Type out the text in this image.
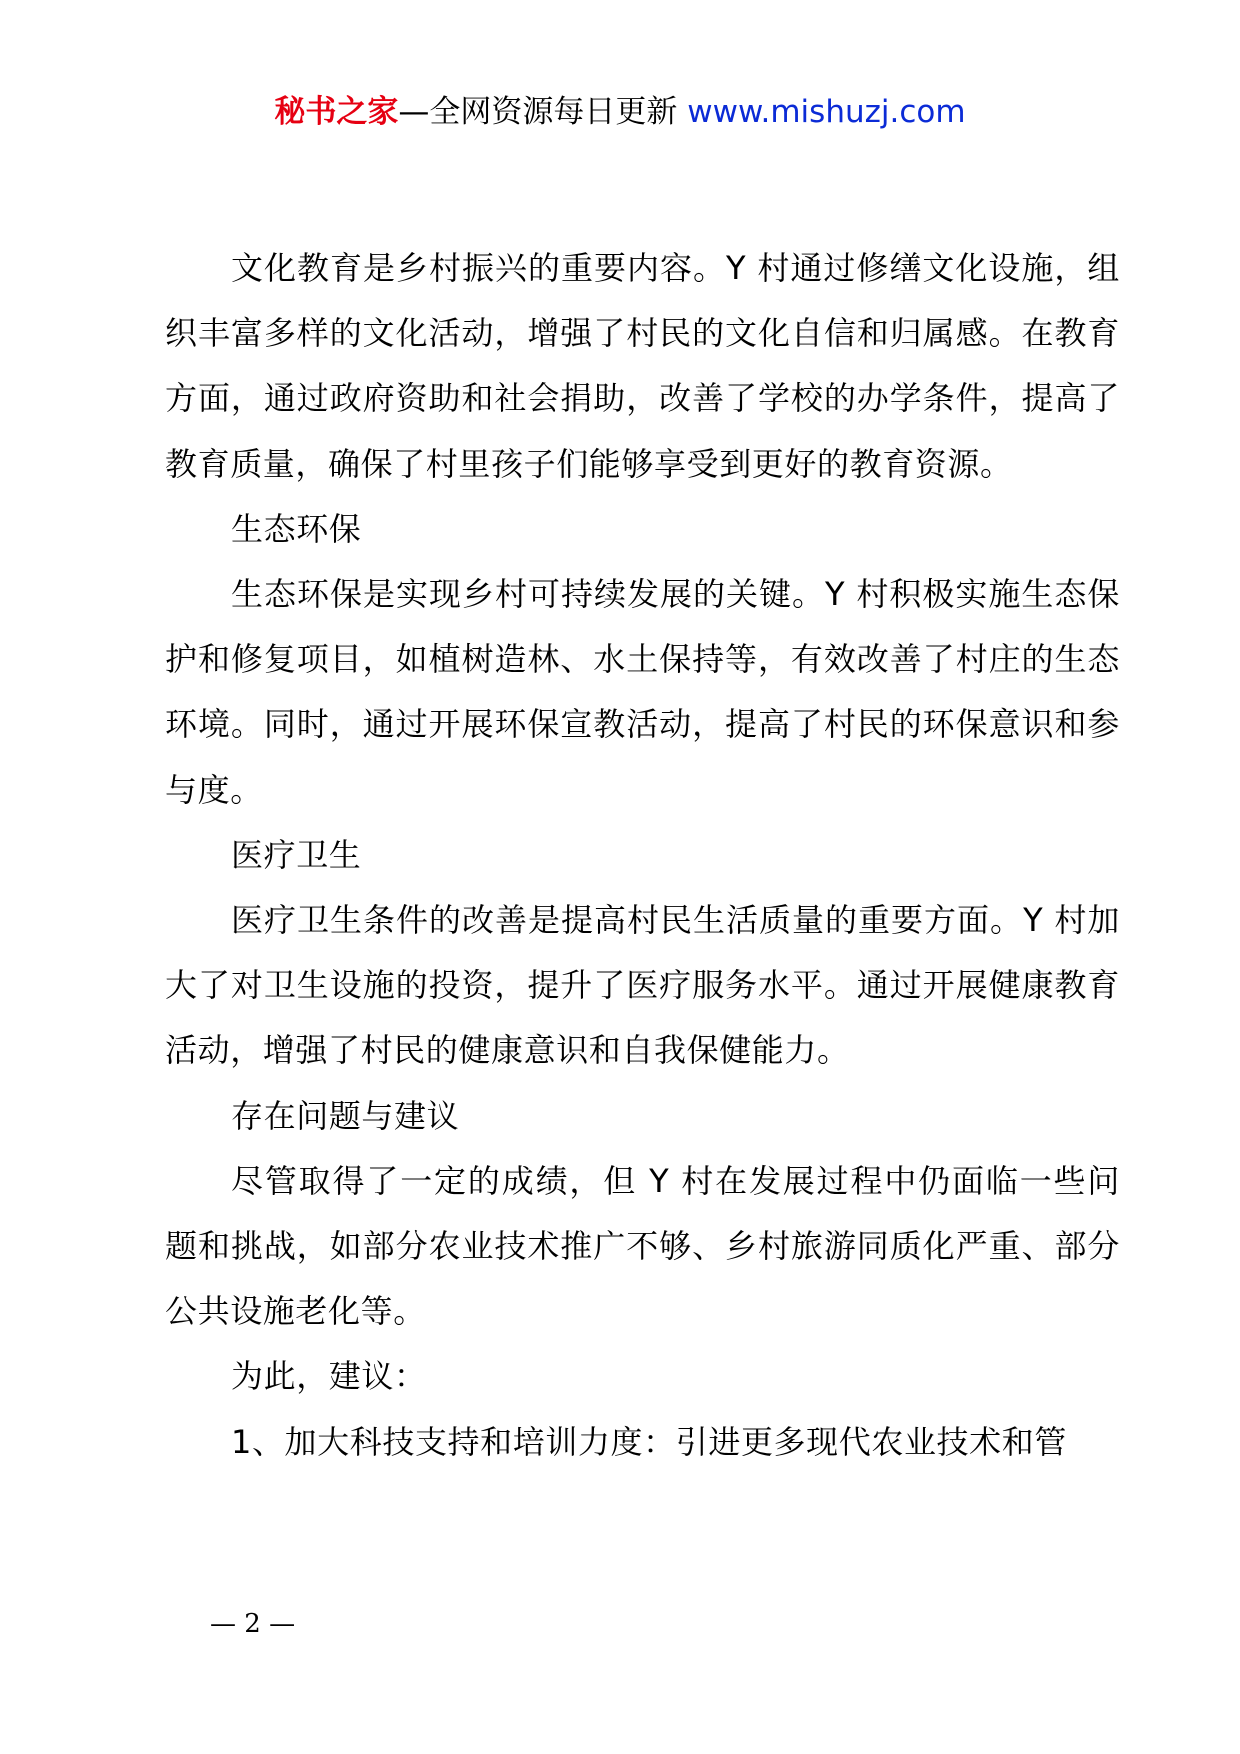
秘书之家—全网资源每日更新 www.mishuzj.com

文化教育是乡村振兴的重要内容。Y 村通过修缮文化设施，组织丰富多样的文化活动，增强了村民的文化自信和归属感。在教育方面，通过政府资助和社会捐助，改善了学校的办学条件，提高了教育质量，确保了村里孩子们能够享受到更好的教育资源。

生态环保

生态环保是实现乡村可持续发展的关键。Y 村积极实施生态保护和修复项目，如植树造林、水土保持等，有效改善了村庄的生态环境。同时，通过开展环保宣教活动，提高了村民的环保意识和参与度。

医疗卫生

医疗卫生条件的改善是提高村民生活质量的重要方面。Y 村加大了对卫生设施的投资，提升了医疗服务水平。通过开展健康教育活动，增强了村民的健康意识和自我保健能力。

存在问题与建议

尽管取得了一定的成绩，但 Y 村在发展过程中仍面临一些问题和挑战，如部分农业技术推广不够、乡村旅游同质化严重、部分公共设施老化等。

为此，建议：

1、加大科技支持和培训力度：引进更多现代农业技术和管

— 2 —
